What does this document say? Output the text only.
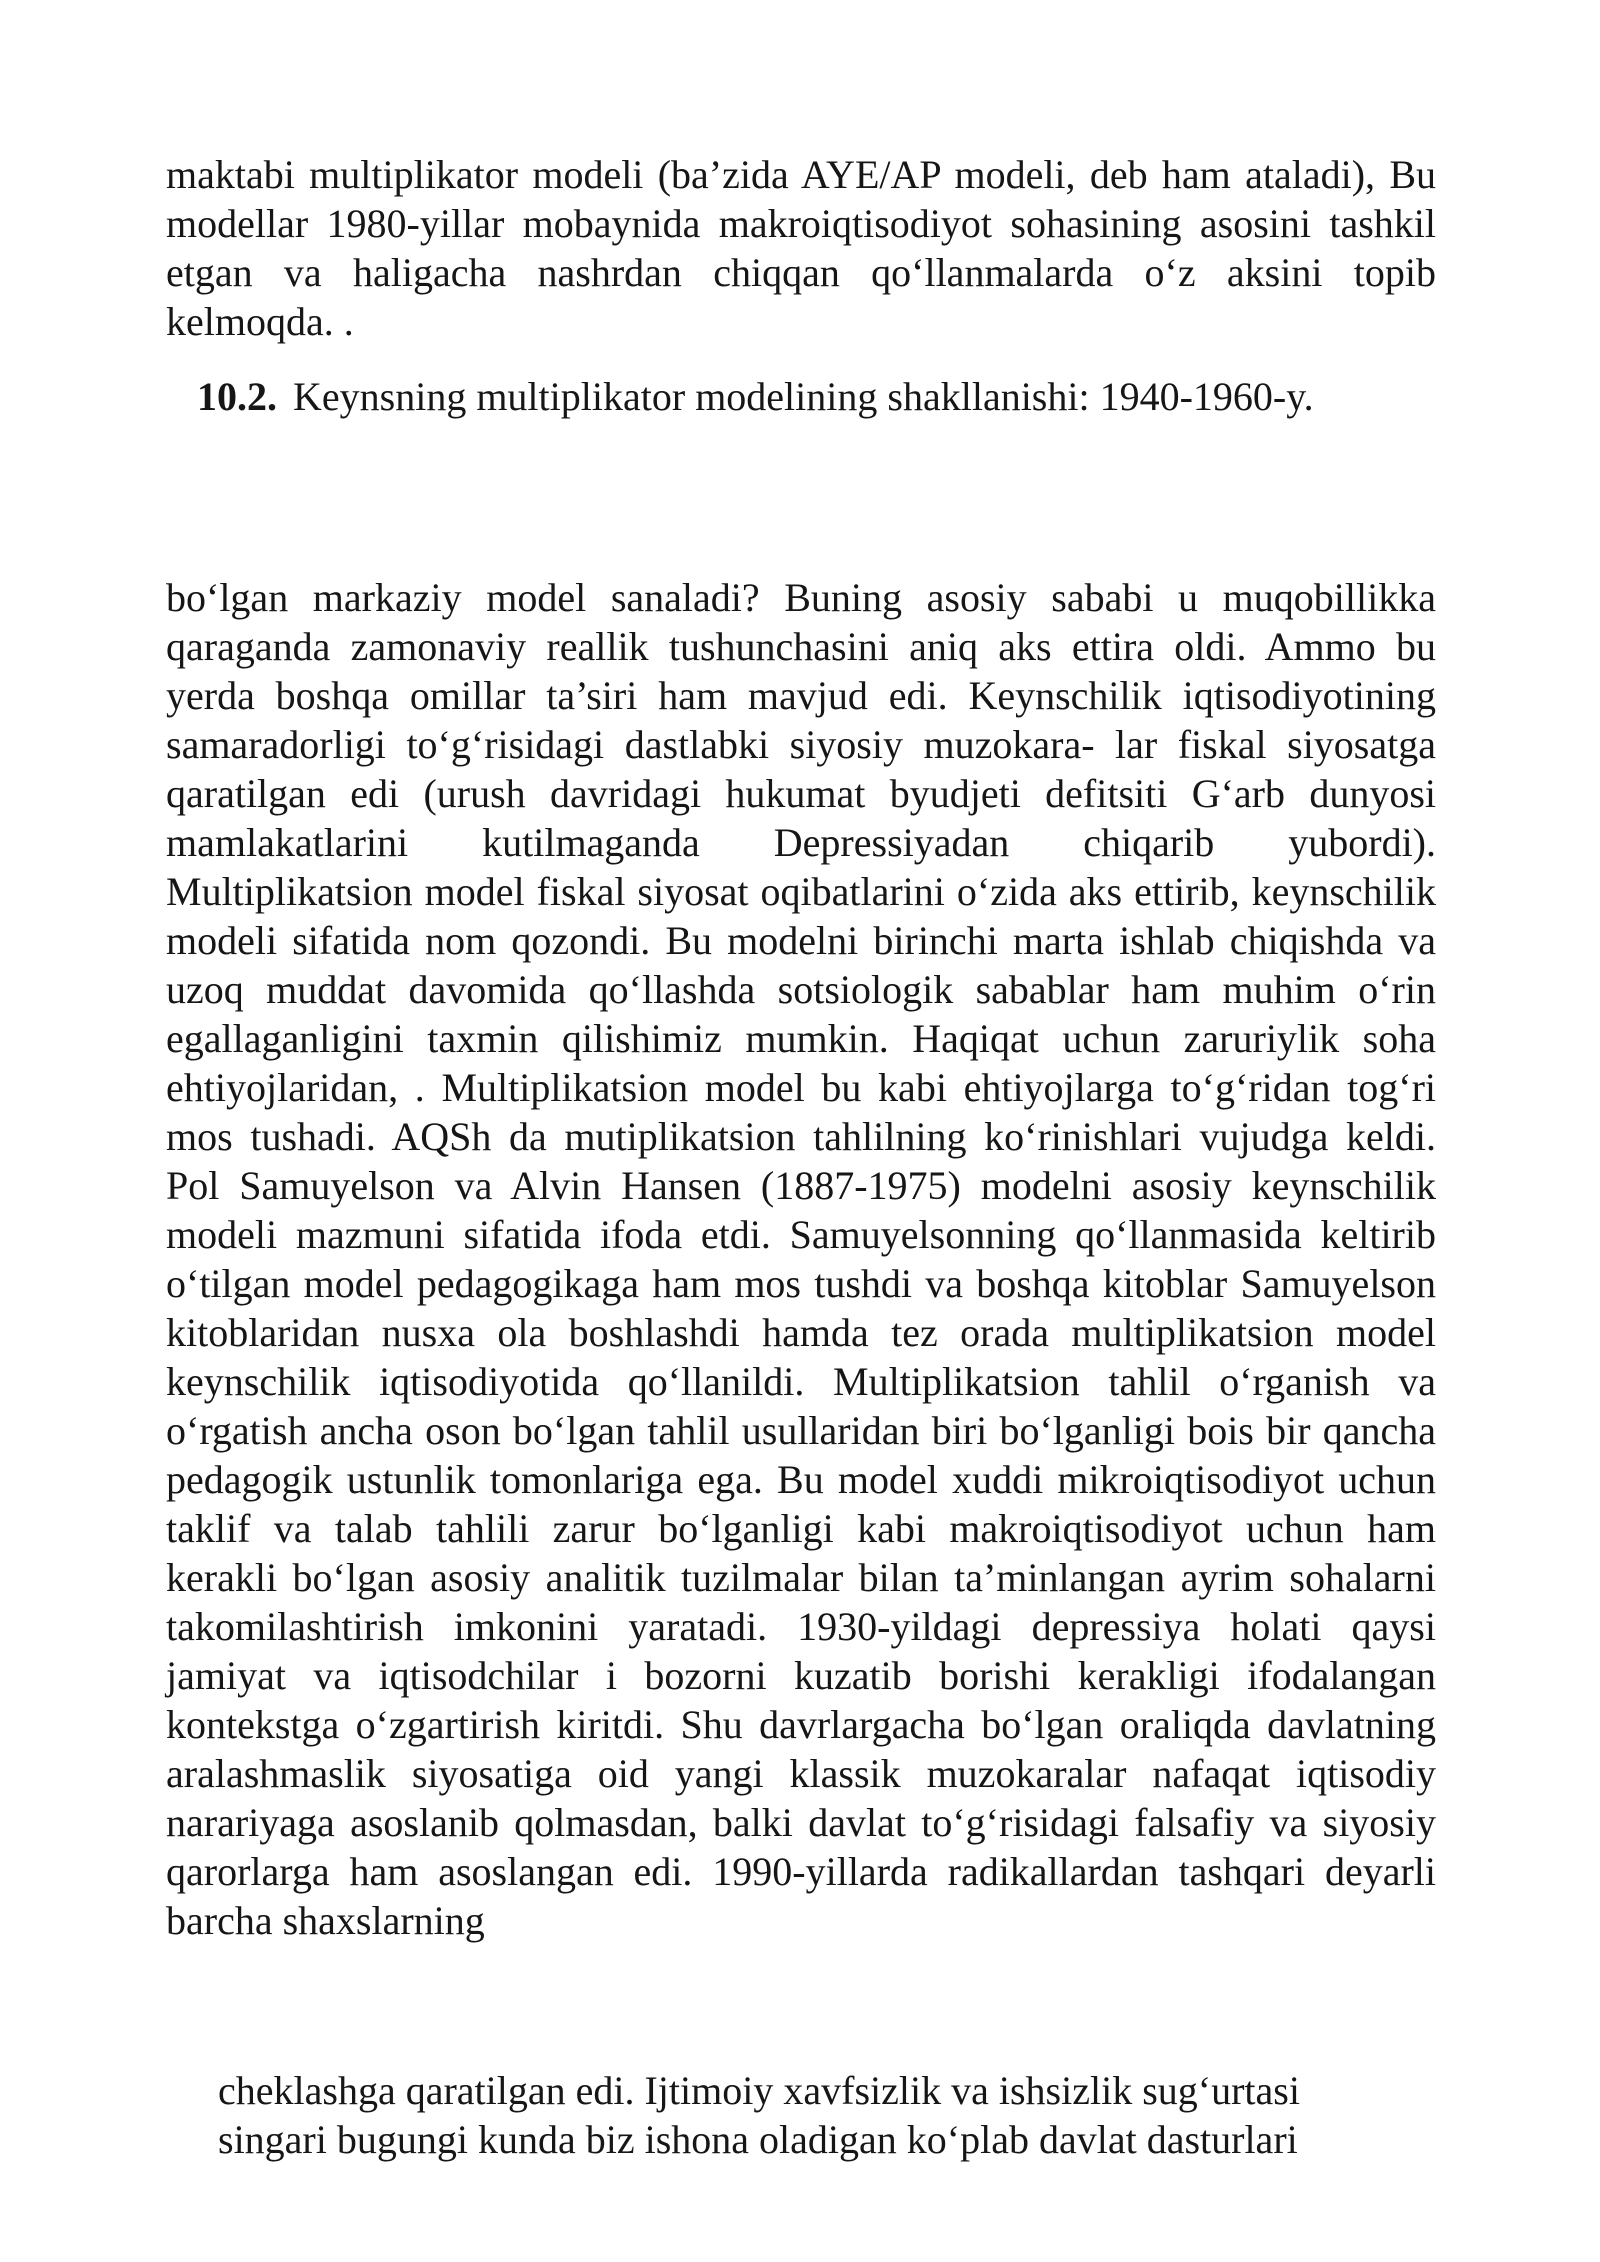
maktabi multiplikator modeli (ba’zida AYE/AP modeli, deb ham ataladi), Bu modellar 1980-yillar mobaynida makroiqtisodiyot sohasining asosini tashkil etgan va haligacha nashrdan chiqqan qo‘llanmalarda o‘z aksini topib kelmoqda. .

10.2. Keynsning multiplikator modelining shakllanishi: 1940-1960-y.

bo‘lgan markaziy model sanaladi? Buning asosiy sababi u muqobillikka qaraganda zamonaviy reallik tushunchasini aniq aks ettira oldi. Ammo bu yerda boshqa omillar ta’siri ham mavjud edi. Keynschilik iqtisodiyotining samaradorligi to‘g‘risidagi dastlabki siyosiy muzokara- lar fiskal siyosatga qaratilgan edi (urush davridagi hukumat byudjeti defitsiti G‘arb dunyosi mamlakatlarini kutilmaganda Depressiyadan chiqarib yubordi). Multiplikatsion model fiskal siyosat oqibatlarini o‘zida aks ettirib, keynschilik modeli sifatida nom qozondi. Bu modelni birinchi marta ishlab chiqishda va uzoq muddat davomida qo‘llashda sotsiologik sabablar ham muhim o‘rin egallaganligini taxmin qilishimiz mumkin. Haqiqat uchun zaruriylik soha ehtiyojlaridan, . Multiplikatsion model bu kabi ehtiyojlarga to‘g‘ridan tog‘ri mos tushadi. AQSh da mutiplikatsion tahlilning ko‘rinishlari vujudga keldi. Pol Samuyelson va Alvin Hansen (1887-1975) modelni asosiy keynschilik modeli mazmuni sifatida ifoda etdi. Samuyelsonning qo‘llanmasida keltirib o‘tilgan model pedagogikaga ham mos tushdi va boshqa kitoblar Samuyelson kitoblaridan nusxa ola boshlashdi hamda tez orada multiplikatsion model keynschilik iqtisodiyotida qo‘llanildi. Multiplikatsion tahlil o‘rganish va o‘rgatish ancha oson bo‘lgan tahlil usullaridan biri bo‘lganligi bois bir qancha pedagogik ustunlik tomonlariga ega. Bu model xuddi mikroiqtisodiyot uchun taklif va talab tahlili zarur bo‘lganligi kabi makroiqtisodiyot uchun ham kerakli bo‘lgan asosiy analitik tuzilmalar bilan ta’minlangan ayrim sohalarni takomilashtirish imkonini yaratadi. 1930-yildagi depressiya holati qaysi jamiyat va iqtisodchilar i bozorni kuzatib borishi kerakligi ifodalangan kontekstga o‘zgartirish kiritdi. Shu davrlargacha bo‘lgan oraliqda davlatning aralashmaslik siyosatiga oid yangi klassik muzokaralar nafaqat iqtisodiy narariyaga asoslanib qolmasdan, balki davlat to‘g‘risidagi falsafiy va siyosiy qarorlarga ham asoslangan edi. 1990-yillarda radikallardan tashqari deyarli barcha shaxslarning

cheklashga qaratilgan edi. Ijtimoiy xavfsizlik va ishsizlik sug‘urtasi singari bugungi kunda biz ishona oladigan ko‘plab davlat dasturlari
